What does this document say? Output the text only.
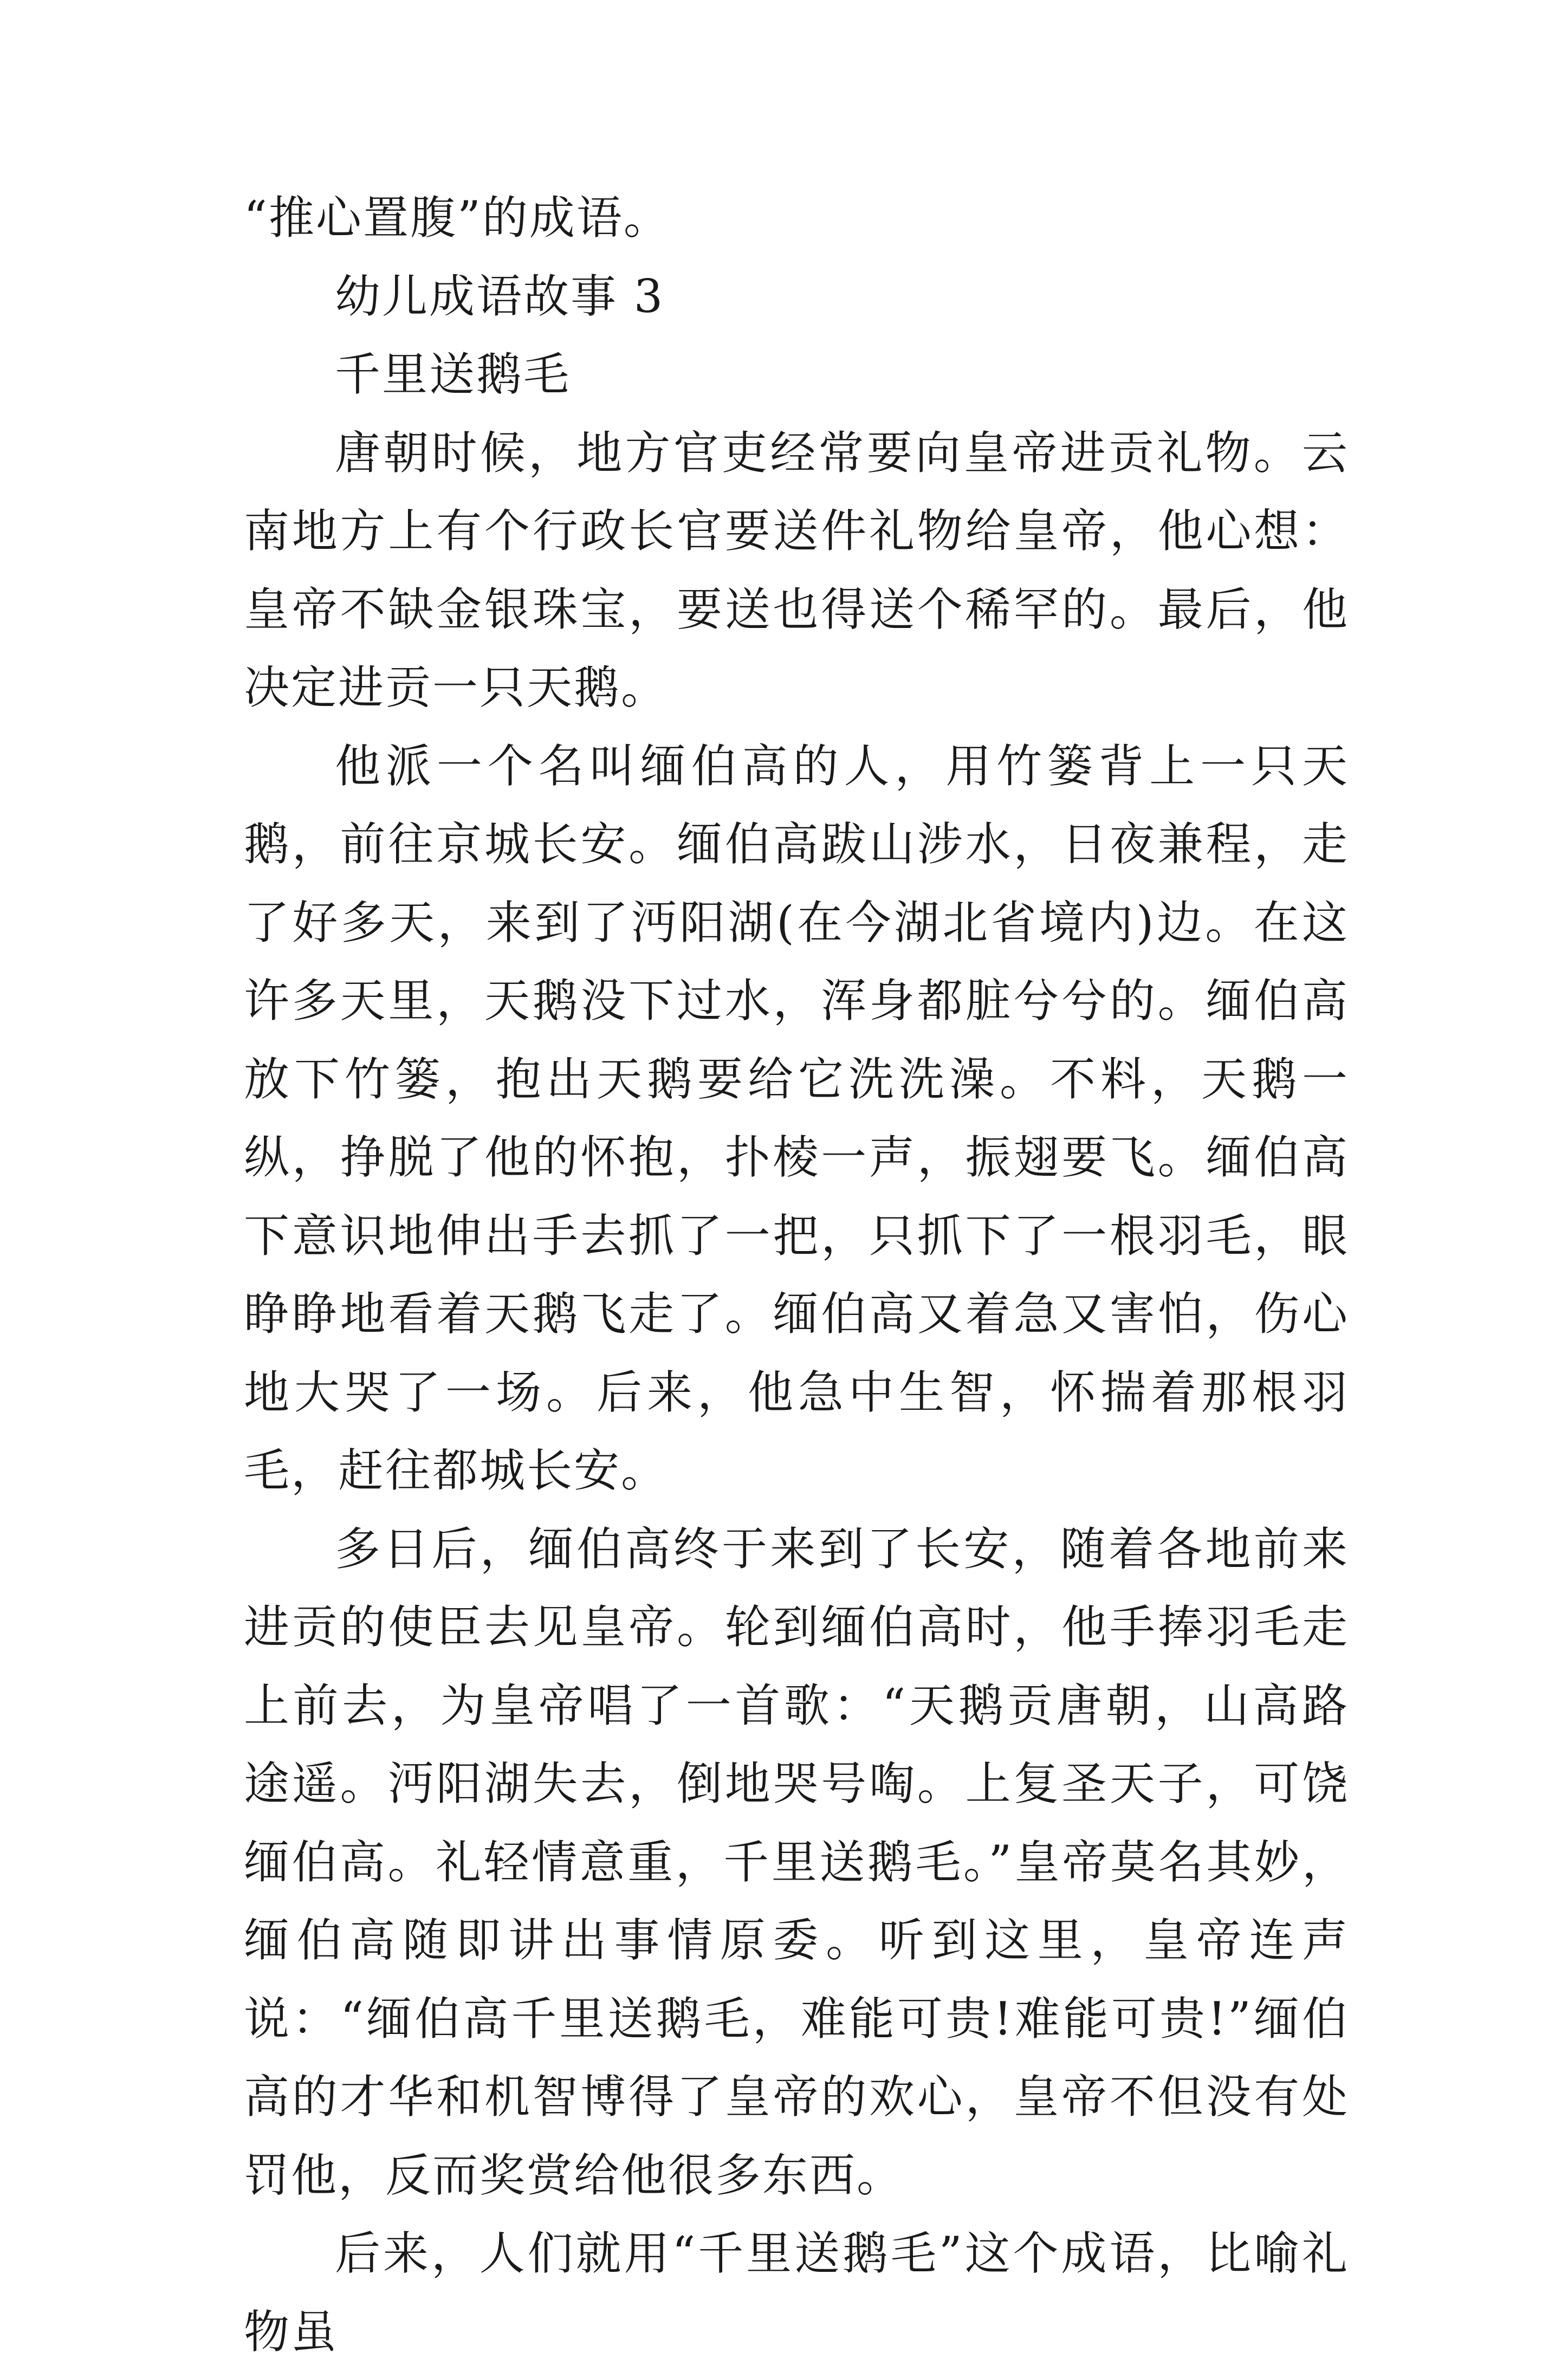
“推心置腹”的成语。

幼儿成语故事 3

千里送鹅毛

唐朝时候，地方官吏经常要向皇帝进贡礼物。云南地方上有个行政长官要送件礼物给皇帝，他心想：皇帝不缺金银珠宝，要送也得送个稀罕的。最后，他决定进贡一只天鹅。

他派一个名叫缅伯高的人，用竹篓背上一只天鹅，前往京城长安。缅伯高跋山涉水，日夜兼程，走了好多天，来到了沔阳湖(在今湖北省境内)边。在这许多天里，天鹅没下过水，浑身都脏兮兮的。缅伯高放下竹篓，抱出天鹅要给它洗洗澡。不料，天鹅一纵，挣脱了他的怀抱，扑棱一声，振翅要飞。缅伯高下意识地伸出手去抓了一把，只抓下了一根羽毛，眼睁睁地看着天鹅飞走了。缅伯高又着急又害怕，伤心地大哭了一场。后来，他急中生智，怀揣着那根羽毛，赶往都城长安。

多日后，缅伯高终于来到了长安，随着各地前来进贡的使臣去见皇帝。轮到缅伯高时，他手捧羽毛走上前去，为皇帝唱了一首歌：“天鹅贡唐朝，山高路途遥。沔阳湖失去，倒地哭号啕。上复圣天子，可饶缅伯高。礼轻情意重，千里送鹅毛。”皇帝莫名其妙，缅伯高随即讲出事情原委。听到这里，皇帝连声说：“缅伯高千里送鹅毛，难能可贵!难能可贵!”缅伯高的才华和机智博得了皇帝的欢心，皇帝不但没有处罚他，反而奖赏给他很多东西。

后来，人们就用“千里送鹅毛”这个成语，比喻礼物虽
